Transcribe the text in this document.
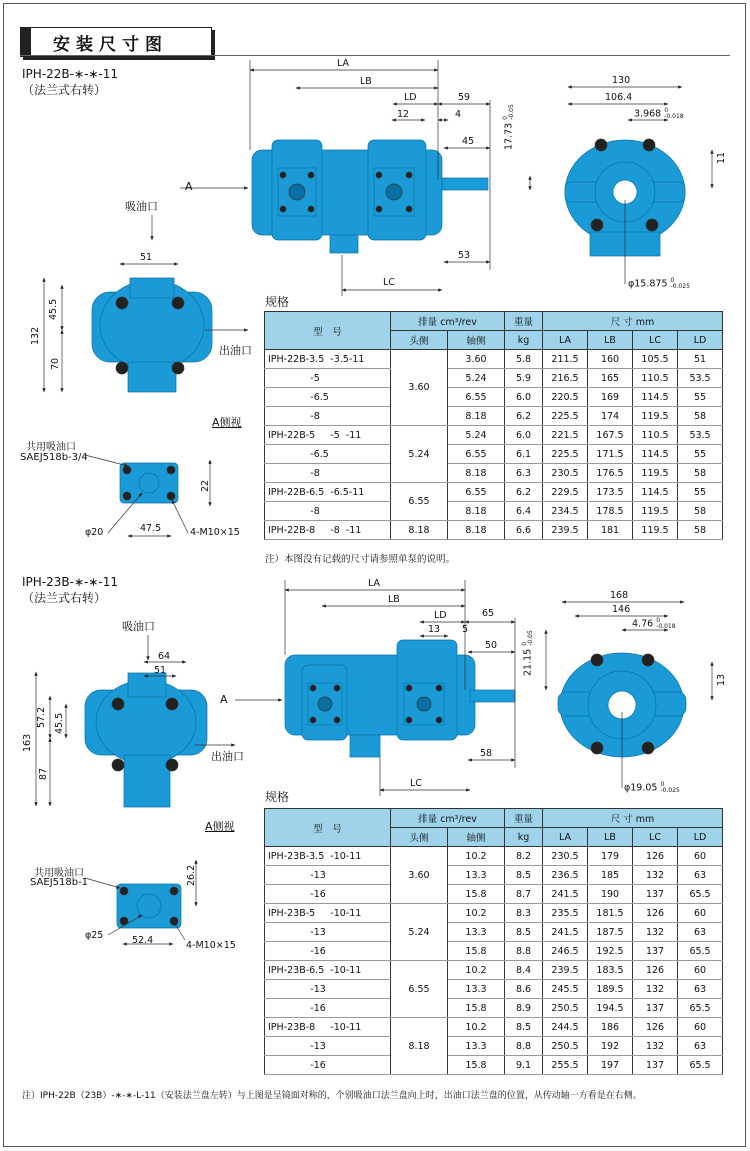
安装尺寸图
IPH-22B-∗-∗-11
（法兰式右转）
A
吸油口
出油口
A侧视
共用吸油口
SAEJ518b-3/4
LA
LB
LD	59
12	4
45
53
LC
17.73 0
-0.05
130
106.4
3.968 0
-0.018
11
φ15.875 0
-0.025
51
45.5
132
70
22
φ20	47.5	4-M10×15
规格
型　号	排量 cm³/rev		重量	尺 寸 mm			
	头侧	轴侧	kg	LA	LB	LC	LD
IPH-22B-3.5  -3.5-11	3.60	3.60	5.8	211.5	160	105.5	51
-5		5.24	5.9	216.5	165	110.5	53.5
-6.5		6.55	6.0	220.5	169	114.5	55
-8		8.18	6.2	225.5	174	119.5	58
IPH-22B-5     -5  -11	5.24	5.24	6.0	221.5	167.5	110.5	53.5
-6.5		6.55	6.1	225.5	171.5	114.5	55
-8		8.18	6.3	230.5	176.5	119.5	58
IPH-22B-6.5  -6.5-11	6.55	6.55	6.2	229.5	173.5	114.5	55
-8		8.18	6.4	234.5	178.5	119.5	58
IPH-22B-8     -8  -11	8.18	8.18	6.6	239.5	181	119.5	58
注）本图没有记载的尺寸请参照单泵的说明。
IPH-23B-∗-∗-11
（法兰式右转）
A
吸油口
出油口
A侧视
共用吸油口
SAEJ518b-1
LA
LB
LD	65
13 5
50
58
LC
21.15 0
-0.05
168
146
4.76 0
-0.018
13
φ19.05 0
-0.025
64
51
57.2 45.5
163
87
26.2
φ25	52.4	4-M10×15
规格
型　号	排量 cm³/rev		重量	尺 寸 mm			
	头侧	轴侧	kg	LA	LB	LC	LD
IPH-23B-3.5  -10-11	3.60	10.2	8.2	230.5	179	126	60
-13		13.3	8.5	236.5	185	132	63
-16		15.8	8.7	241.5	190	137	65.5
IPH-23B-5     -10-11	5.24	10.2	8.3	235.5	181.5	126	60
-13		13.3	8.5	241.5	187.5	132	63
-16		15.8	8.8	246.5	192.5	137	65.5
IPH-23B-6.5  -10-11	6.55	10.2	8.4	239.5	183.5	126	60
-13		13.3	8.6	245.5	189.5	132	63
-16		15.8	8.9	250.5	194.5	137	65.5
IPH-23B-8     -10-11	8.18	10.2	8.5	244.5	186	126	60
-13		13.3	8.8	250.5	192	132	63
-16		15.8	9.1	255.5	197	137	65.5
注）IPH-22B（23B）-∗-∗-L-11（安装法兰盘左转）与上图是呈镜面对称的，个别吸油口法兰盘向上时，出油口法兰盘的位置，从传动轴一方看是在右侧。
